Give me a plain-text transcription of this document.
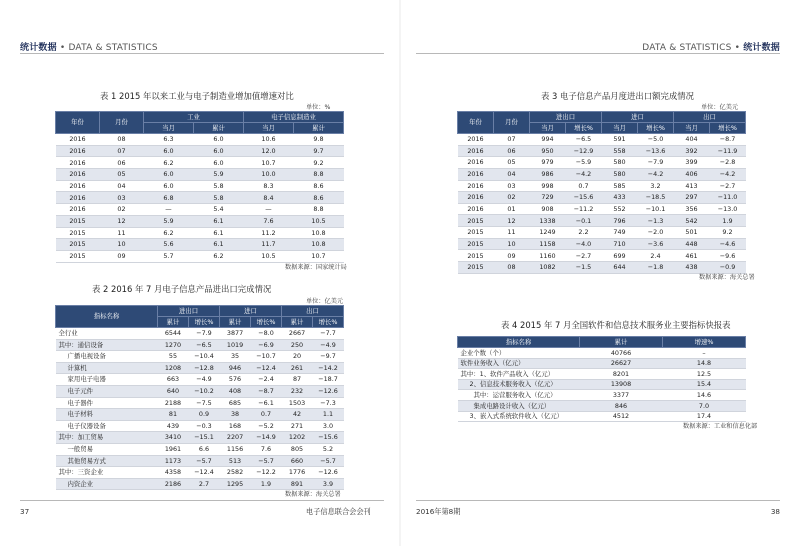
统计数据 • DATA & STATISTICS
表 1 2015 年以来工业与电子制造业增加值增速对比
单位：%
年份	月份	工业		电子信息制造业	
		当月	累计	当月	累计
2016	08	6.3	6.0	10.6	9.8
2016	07	6.0	6.0	12.0	9.7
2016	06	6.2	6.0	10.7	9.2
2016	05	6.0	5.9	10.0	8.8
2016	04	6.0	5.8	8.3	8.6
2016	03	6.8	5.8	8.4	8.6
2016	02	—	5.4	—	8.8
2015	12	5.9	6.1	7.6	10.5
2015	11	6.2	6.1	11.2	10.8
2015	10	5.6	6.1	11.7	10.8
2015	09	5.7	6.2	10.5	10.7
数据来源：国家统计局
表 2 2016 年 7 月电子信息产品进出口完成情况
单位：亿美元
指标名称	进出口		进口		出口	
	累计	增长%	累计	增长%	累计	增长%
全行业	6544	−7.9	3877	−8.0	2667	−7.7
其中：通信设备	1270	−6.5	1019	−6.9	250	−4.9
广播电视设备	55	−10.4	35	−10.7	20	−9.7
计算机	1208	−12.8	946	−12.4	261	−14.2
家用电子电器	663	−4.9	576	−2.4	87	−18.7
电子元件	640	−10.2	408	−8.7	232	−12.6
电子器件	2188	−7.5	685	−6.1	1503	−7.3
电子材料	81	0.9	38	0.7	42	1.1
电子仪器设备	439	−0.3	168	−5.2	271	3.0
其中：加工贸易	3410	−15.1	2207	−14.9	1202	−15.6
一般贸易	1961	6.6	1156	7.6	805	5.2
其他贸易方式	1173	−5.7	513	−5.7	660	−5.7
其中：三资企业	4358	−12.4	2582	−12.2	1776	−12.6
内资企业	2186	2.7	1295	1.9	891	3.9
数据来源：海关总署
37	电子信息联合会会刊
DATA & STATISTICS • 统计数据
表 3 电子信息产品月度进出口额完成情况
单位：亿美元
年份	月份	进出口		进口		出口	
		当月	增长%	当月	增长%	当月	增长%
2016	07	994	−6.5	591	−5.0	404	−8.7
2016	06	950	−12.9	558	−13.6	392	−11.9
2016	05	979	−5.9	580	−7.9	399	−2.8
2016	04	986	−4.2	580	−4.2	406	−4.2
2016	03	998	0.7	585	3.2	413	−2.7
2016	02	729	−15.6	433	−18.5	297	−11.0
2016	01	908	−11.2	552	−10.1	356	−13.0
2015	12	1338	−0.1	796	−1.3	542	1.9
2015	11	1249	2.2	749	−2.0	501	9.2
2015	10	1158	−4.0	710	−3.6	448	−4.6
2015	09	1160	−2.7	699	2.4	461	−9.6
2015	08	1082	−1.5	644	−1.8	438	−0.9
数据来源：海关总署
表 4 2015 年 7 月全国软件和信息技术服务业主要指标快报表
指标名称	累计	增速%
企业个数（个）	40766	–
软件业务收入（亿元）	26627	14.8
其中：1、软件产品收入（亿元）	8201	12.5
2、信息技术服务收入（亿元）	13908	15.4
其中：运营服务收入（亿元）	3377	14.6
集成电路设计收入（亿元）	846	7.0
3、嵌入式系统软件收入（亿元）	4512	17.4
数据来源：工业和信息化部
2016年第8期	38
